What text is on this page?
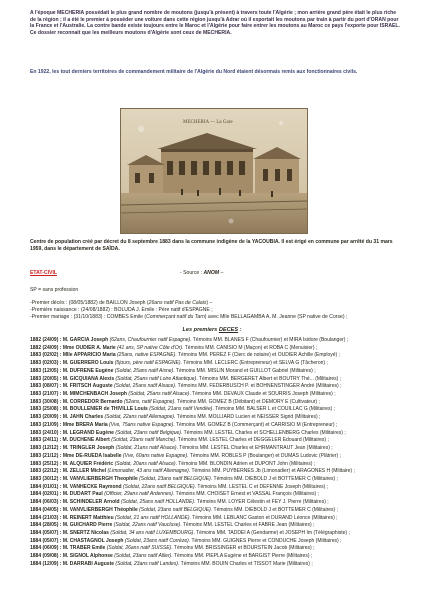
A l'époque MECHERIA possédait le plus grand nombre de moutons (jusqu'à présent) à travers toute l'Algérie ; mon arrière grand père était le plus riche de la région ; il a été le premier à posséder une voiture dans cette région jusqu'à Adrar où il exportait les moutons par train à partir du port d'ORAN pour la France et l'Australie. La contre bande existe toujours entre le Maroc et l'Algérie pour faire entrer les moutons au Maroc ce pays l'exporte pour ISRAEL. Ce dossier reconnait que les meilleurs moutons d'Algérie sont ceux de MECHERIA.

En 1922, les tout derniers territoires de commandement militaire de l'Algérie du Nord étaient désormais remis aux fonctionnaires civils.

MECHERIA — La Gare

Centre de population créé par décret du 8 septembre 1883 dans la commune indigène de la YACOUBIA. Il est érigé en commune par arrêté du 31 mars 1959, dans le département de SAÏDA.

ETAT-CIVIL	- Source : ANOM –
SP = sans profession
-Premier décès : (08/05/1882) de BAILLON Joseph (26ans natif Pas de Calais) –
-Première naissance : (24/08/1882) : BOLUDA J. Emile : Père natif d'ESPAGNE ;
-Premier mariage : (31/10/1883) : COMBES Emile (Commerçant natif du Tarn) avec Mlle BELLAGAMBA A. M. Jeanne (SP native de Corse) ;
Les premiers DECES :
1882 (24/09) : M. GARCIA Joseph (62ans, Chaufournier natif Espagne). Témoins MM. BLANES F (Chaufournier) et MIRA Isidore (Boulanger) ;
1882 (24/09) : Mme OUDIER A. Marie (41 ans, SP native Côte d'Or). Témoins MM. CANISIO M (Maçon) et ROBA C (Menuisier) ;
1883 (02/02) : Mlle APPARICIO Maria (25ans, native ESPAGNE). Témoins MM. PEREZ F (Clerc de notaire) et OUDIER Achille (Employé) ;
1883 (02/03) : M. GUERRERO Louis (5jours, père natif ESPAGNE). Témoins MM. LECLERC (Entrepreneur) et SELVA G (Tâcheron) ;
1883 (12/05) : M. DUFRENE Eugène (Soldat, 25ans natif Aisne). Témoins MM. MISLIN Morand et GUILLOT Gabriel (Militaires) ;
1883 (20/05) : M. GICQUIANA Alexis (Soldat, 25ans natif Loire Atlantique). Témoins MM. BERGERET Albert et BOUTRY Thé... (Militaires) ;
1883 (08/07) : M. FRITSCH Auguste (Soldat, 25ans natif Alsace). Témoins MM. FEDERBUSCH P. et BOHNENSTINGER André (Militaires) ;
1883 (21/07) : M. MIMCHENBACH Joseph (Soldat, 25ans natif Alsace). Témoins MM. DEVAUX Claude et SOURRIS Joseph (Militaires) ;
1883 (30/08) : M. CORREDOR Bernardo (52ans, natif Espagne). Témoins MM. GOMEZ B (Débitant) et DEMORY E (Cultivateur) ;
1883 (25/08) : M. BOULLENIER de THIVILLE Louis (Soldat, 21ans natif Vendée). Témoins MM. BALSER L et COUILLAC G (Militaires) ;
1883 (20/09) : M. JAHN Charles (Soldat, 22ans natif Allemagne). Témoins MM. MOLLIARD Lucien et NEISSER Sigrid (Militaires) ;
1883 (21/09) : Mme BRERA Maria (Vve, 75ans native Espagne). Témoins MM. GOMEZ B (Commerçant) et CARRISIO M (Entrepreneur) ;
1883 (24/10) : M. LEGRAND Eugène (Soldat, 23ans natif Belgique). Témoins MM. LESTEL Charles et SCHELLENBERG Charles (Militaires) ;
1883 (24/11) : M. DUCHÊNE Albert (Soldat, 23ans natif Manche). Témoins MM. LESTEL Charles et DEGGELER Edouard (Militaires) ;
1883 (12/12) : M. TRINGLER Joseph (Soldat, 21ans natif Alsace). Témoins MM. LESTEL Charles et EHRMANTRAUT Jean (Militaires) ;
1883 (21/12) : Mme DE-RUEDA Isabelle (Vve, 60ans native Espagne). Témoins MM. ROBLES P (Boulanger) et DUMAS Ludovic (Plâtrier) ;
1883 (25/12) : M. ALQUIER Frédéric (Soldat, 20ans natif Alsace). Témoins MM. BLONDIN Adrien et DUPONT John (Militaires) ;
1883 (22/12) : M. ZELLER Michel (Limonadier, 43 ans natif Allemagne). Témoins MM. PUYBERNES Jb (Limonadier) et ARAGONES H (Militaire) ;
1883 (30/12) : M. VANVLIERBERGH Theophile (Soldat, 23ans natif BELGIQUE). Témoins MM. DIEBOLD J et BOTTEMER C (Militaires) ;
1884 (01/01) : M. VANHECKE Raymond (Soldat, 22ans natif BELGIQUE). Témoins MM. LESTEL C et DEFENNE Joseph (Militaires) ;
1884 (02/01) : M. DUDART Paul (Officier, 29ans natif Ardennes). Témoins MM. CHOISET Ernest et VASSAL François (Militaires) ;
1884 (06/03) : M. SCHINDELER Arnold (Soldat, 25ans natif HOLLANDE). Témoins MM. LOYER Célestin et FEY J. Pierre (Militaires) ;
1884 (04/05) : M. VANVLIERBERGH Théophile (Soldat, 23ans natif BELGIQUE). Témoins MM. DIEBOLD J et BOTTEMER C (Militaires) ;
1884 (21/03) : M. REINERT Matthieu (Soldat, 21 ans natif HOLLANDE). Témoins MM. LEBLANC Gaston et DURAND Léonce (Militaires) ;
1884 (28/05) : M. GUICHARD Pierre (Soldat, 22ans natif Vaucluse). Témoins MM. LESTEL Charles et FABRE Jean (Militaires) ;
1884 (05/07) : M. SNERTZ Nicolas (Soldat, 34 ans natif LUXEMBOURG). Témoins MM. TADDEI A (Gendarme) et JOSEPH Im (Télégraphiste) ;
1884 (05/07) : M. CHASTAGNOL Joseph (Soldat, 23ans natif Corrèze). Témoins MM. GUIGNES Pierre et CONDUCHE Joseph (Militaires) ;
1884 (06/09) : M. TRABER Emile (Soldat, 26ans natif SUISSE). Témoins MM. BRISSINGER et BOURSTEIN Jacob (Militaires) ;
1884 (09/08) : M. SIGNOL Alphonse (Soldat, 23ans natif Allier). Témoins MM. PIEPLA Eugène et BARGIST Pierre (Militaires) ;
1884 (12/09) : M. DARRABI Auguste (Soldat, 23ans natif Landes). Témoins MM. BOUIN Charles et TISSOT Marie (Militaires) ;
